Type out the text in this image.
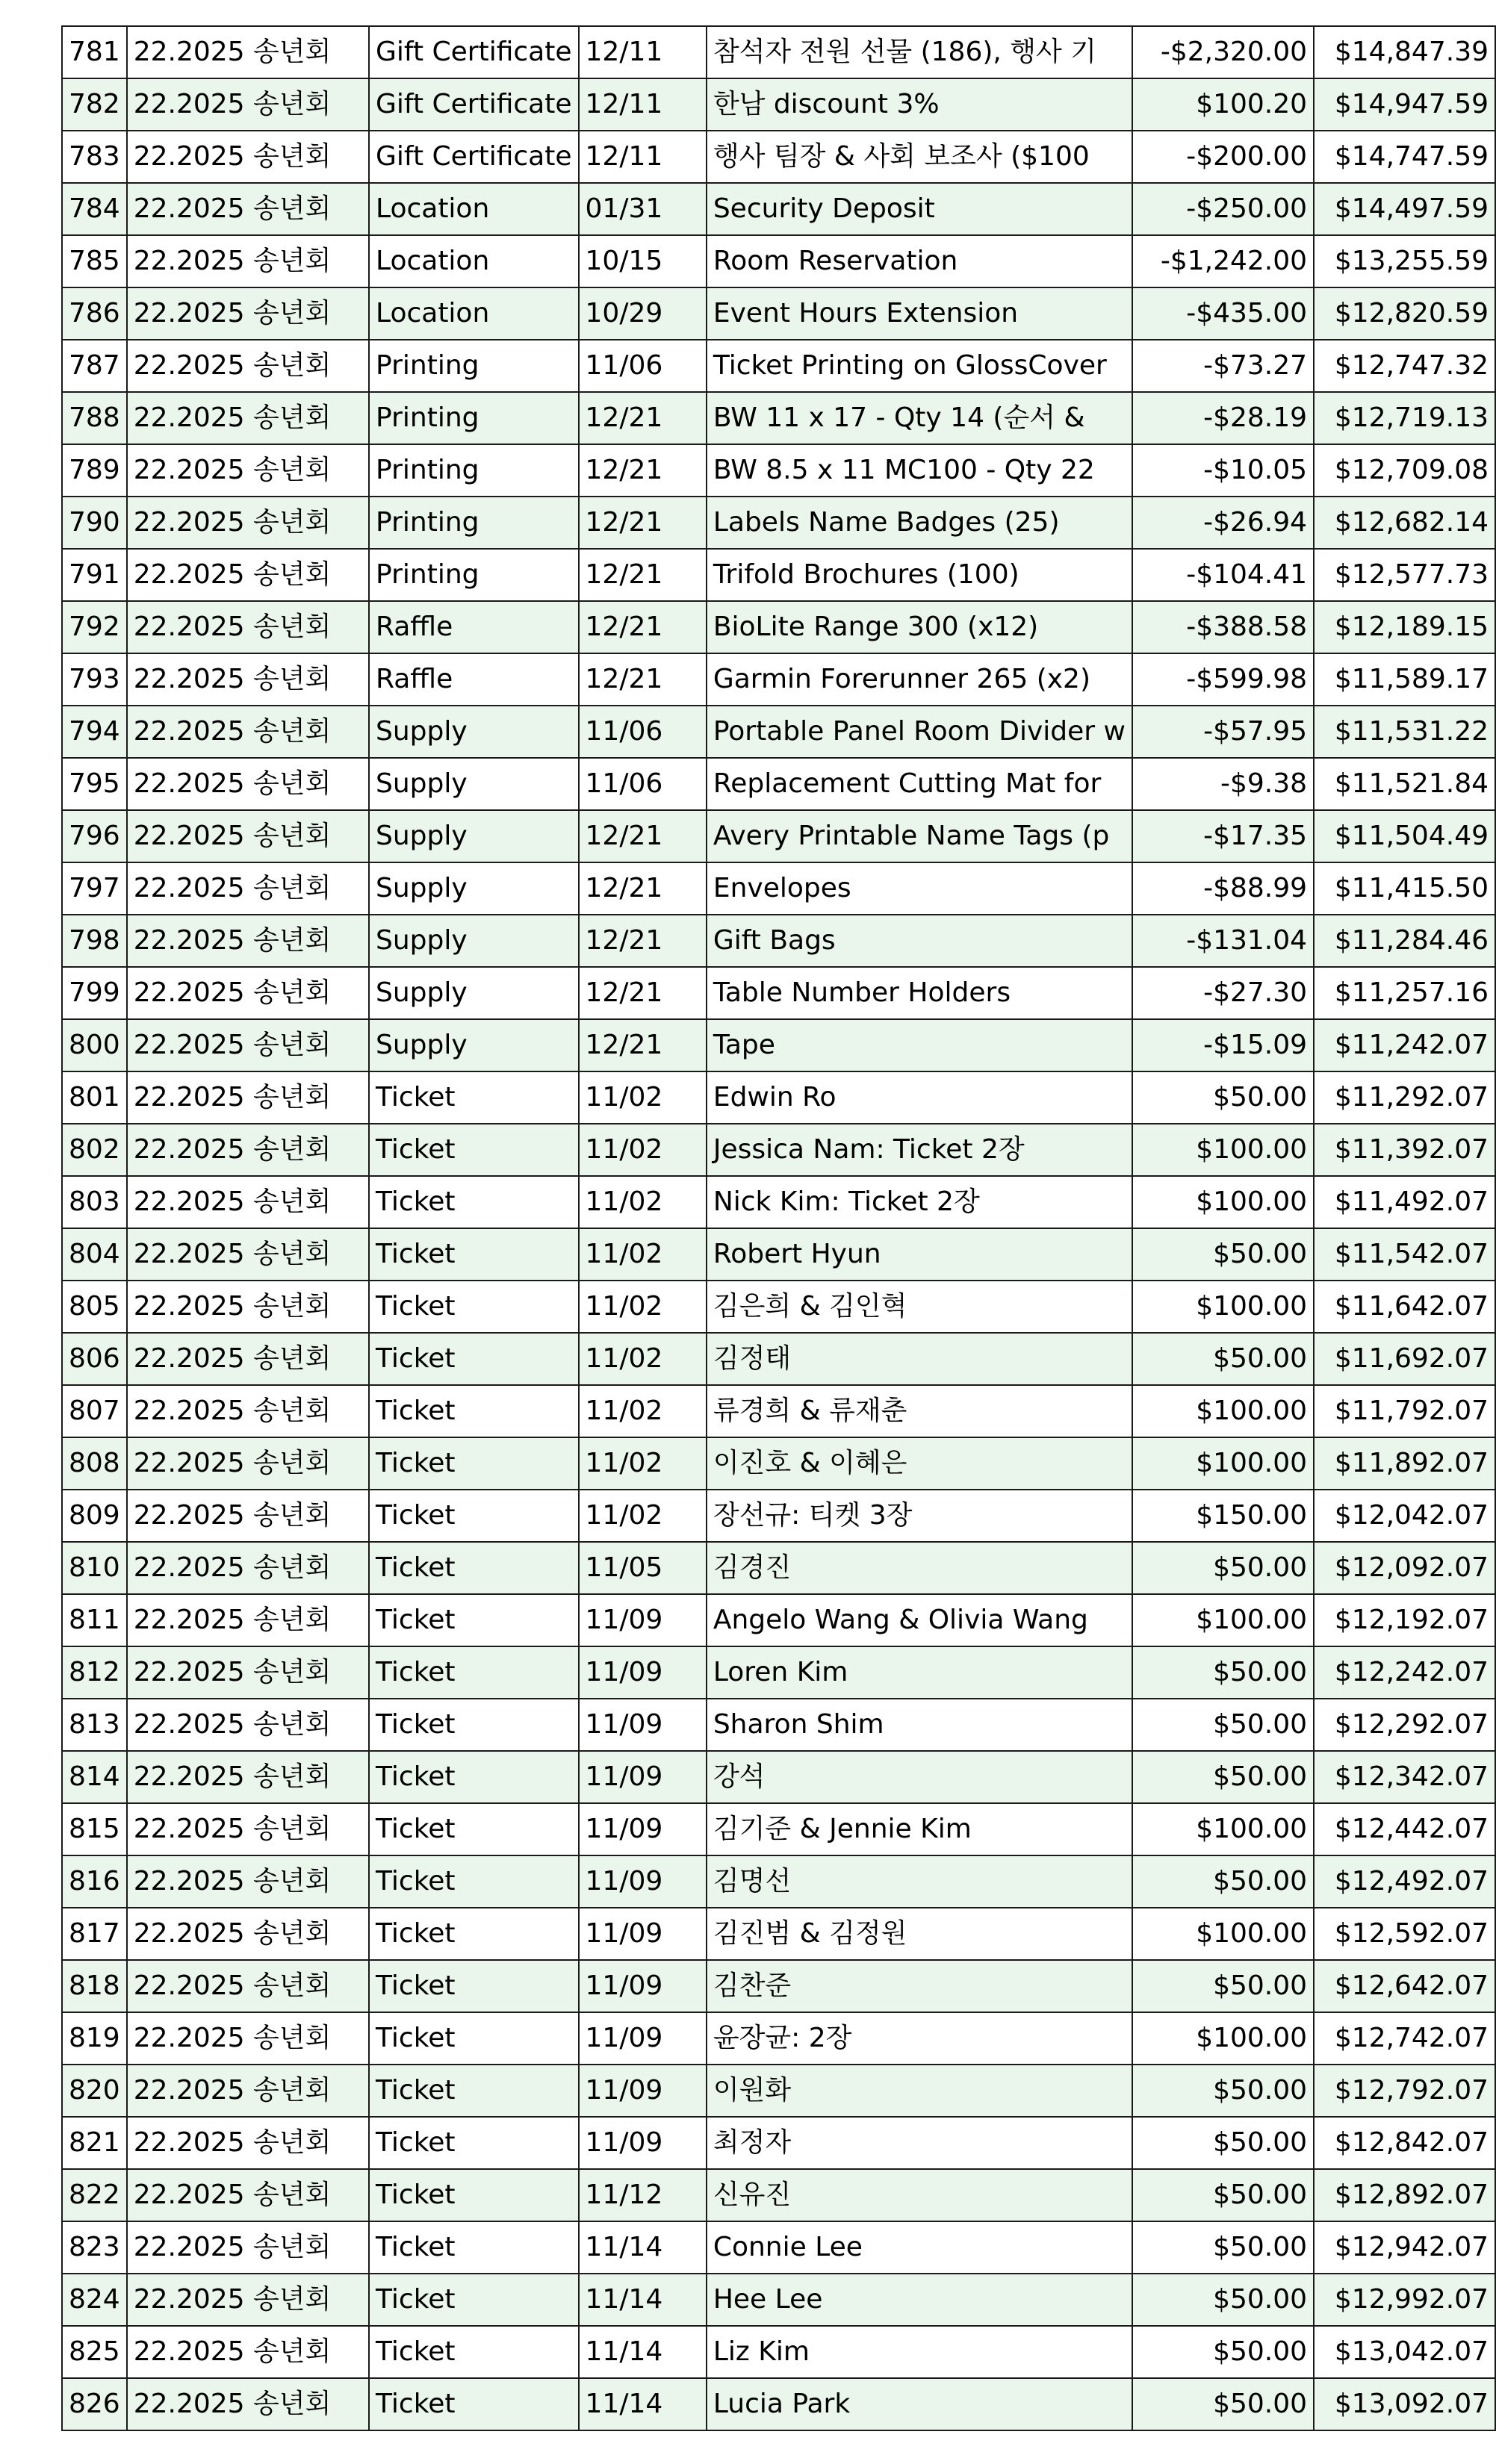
781	22.2025 송년회	Gift Certificate	12/11	참석자 전원 선물 (186), 행사 기	-$2,320.00	$14,847.39
782	22.2025 송년회	Gift Certificate	12/11	한남 discount 3%	$100.20	$14,947.59
783	22.2025 송년회	Gift Certificate	12/11	행사 팀장 & 사회 보조사 ($100	-$200.00	$14,747.59
784	22.2025 송년회	Location	01/31	Security Deposit	-$250.00	$14,497.59
785	22.2025 송년회	Location	10/15	Room Reservation	-$1,242.00	$13,255.59
786	22.2025 송년회	Location	10/29	Event Hours Extension	-$435.00	$12,820.59
787	22.2025 송년회	Printing	11/06	Ticket Printing on GlossCover	-$73.27	$12,747.32
788	22.2025 송년회	Printing	12/21	BW 11 x 17 - Qty 14 (순서 &	-$28.19	$12,719.13
789	22.2025 송년회	Printing	12/21	BW 8.5 x 11 MC100 - Qty 22	-$10.05	$12,709.08
790	22.2025 송년회	Printing	12/21	Labels Name Badges (25)	-$26.94	$12,682.14
791	22.2025 송년회	Printing	12/21	Trifold Brochures (100)	-$104.41	$12,577.73
792	22.2025 송년회	Raffle	12/21	BioLite Range 300 (x12)	-$388.58	$12,189.15
793	22.2025 송년회	Raffle	12/21	Garmin Forerunner 265 (x2)	-$599.98	$11,589.17
794	22.2025 송년회	Supply	11/06	Portable Panel Room Divider w	-$57.95	$11,531.22
795	22.2025 송년회	Supply	11/06	Replacement Cutting Mat for	-$9.38	$11,521.84
796	22.2025 송년회	Supply	12/21	Avery Printable Name Tags (p	-$17.35	$11,504.49
797	22.2025 송년회	Supply	12/21	Envelopes	-$88.99	$11,415.50
798	22.2025 송년회	Supply	12/21	Gift Bags	-$131.04	$11,284.46
799	22.2025 송년회	Supply	12/21	Table Number Holders	-$27.30	$11,257.16
800	22.2025 송년회	Supply	12/21	Tape	-$15.09	$11,242.07
801	22.2025 송년회	Ticket	11/02	Edwin Ro	$50.00	$11,292.07
802	22.2025 송년회	Ticket	11/02	Jessica Nam: Ticket 2장	$100.00	$11,392.07
803	22.2025 송년회	Ticket	11/02	Nick Kim: Ticket 2장	$100.00	$11,492.07
804	22.2025 송년회	Ticket	11/02	Robert Hyun	$50.00	$11,542.07
805	22.2025 송년회	Ticket	11/02	김은희 & 김인혁	$100.00	$11,642.07
806	22.2025 송년회	Ticket	11/02	김정태	$50.00	$11,692.07
807	22.2025 송년회	Ticket	11/02	류경희 & 류재춘	$100.00	$11,792.07
808	22.2025 송년회	Ticket	11/02	이진호 & 이혜은	$100.00	$11,892.07
809	22.2025 송년회	Ticket	11/02	장선규: 티켓 3장	$150.00	$12,042.07
810	22.2025 송년회	Ticket	11/05	김경진	$50.00	$12,092.07
811	22.2025 송년회	Ticket	11/09	Angelo Wang & Olivia Wang	$100.00	$12,192.07
812	22.2025 송년회	Ticket	11/09	Loren Kim	$50.00	$12,242.07
813	22.2025 송년회	Ticket	11/09	Sharon Shim	$50.00	$12,292.07
814	22.2025 송년회	Ticket	11/09	강석	$50.00	$12,342.07
815	22.2025 송년회	Ticket	11/09	김기준 & Jennie Kim	$100.00	$12,442.07
816	22.2025 송년회	Ticket	11/09	김명선	$50.00	$12,492.07
817	22.2025 송년회	Ticket	11/09	김진범 & 김정원	$100.00	$12,592.07
818	22.2025 송년회	Ticket	11/09	김찬준	$50.00	$12,642.07
819	22.2025 송년회	Ticket	11/09	윤장균: 2장	$100.00	$12,742.07
820	22.2025 송년회	Ticket	11/09	이원화	$50.00	$12,792.07
821	22.2025 송년회	Ticket	11/09	최정자	$50.00	$12,842.07
822	22.2025 송년회	Ticket	11/12	신유진	$50.00	$12,892.07
823	22.2025 송년회	Ticket	11/14	Connie Lee	$50.00	$12,942.07
824	22.2025 송년회	Ticket	11/14	Hee Lee	$50.00	$12,992.07
825	22.2025 송년회	Ticket	11/14	Liz Kim	$50.00	$13,042.07
826	22.2025 송년회	Ticket	11/14	Lucia Park	$50.00	$13,092.07
